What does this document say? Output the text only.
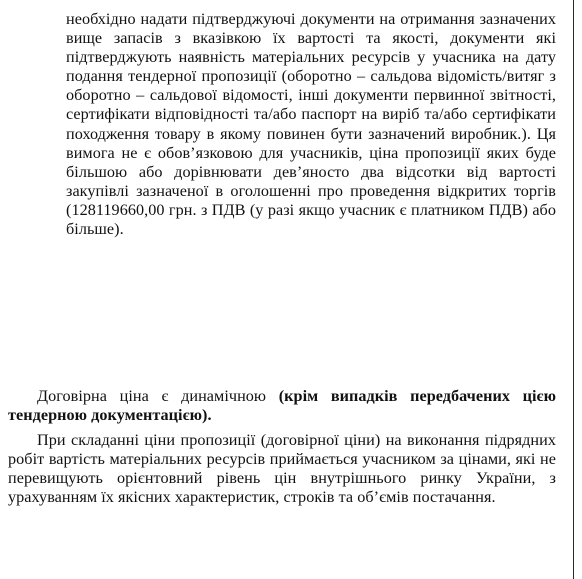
необхідно надати підтверджуючі документи на отримання зазначених вище запасів з вказівкою їх вартості та якості, документи які підтверджують наявність матеріальних ресурсів у учасника на дату подання тендерної пропозиції (оборотно – сальдова відомість/витяг з оборотно – сальдової відомості, інші документи первинної звітності, сертифікати відповідності та/або паспорт на виріб та/або сертифікати походження товару в якому повинен бути зазначений виробник.). Ця вимога не є обов’язковою для учасників, ціна пропозиції яких буде більшою або дорівнювати дев’яносто два відсотки від вартості закупівлі зазначеної в оголошенні про проведення відкритих торгів (128119660,00 грн. з ПДВ (у разі якщо учасник є платником ПДВ) або більше).
Договірна ціна є динамічною (крім випадків передбачених цією тендерною документацією).
При складанні ціни пропозиції (договірної ціни) на виконання підрядних робіт вартість матеріальних ресурсів приймається учасником за цінами, які не перевищують орієнтовний рівень цін внутрішнього ринку України, з урахуванням їх якісних характеристик, строків та об’ємів постачання.
